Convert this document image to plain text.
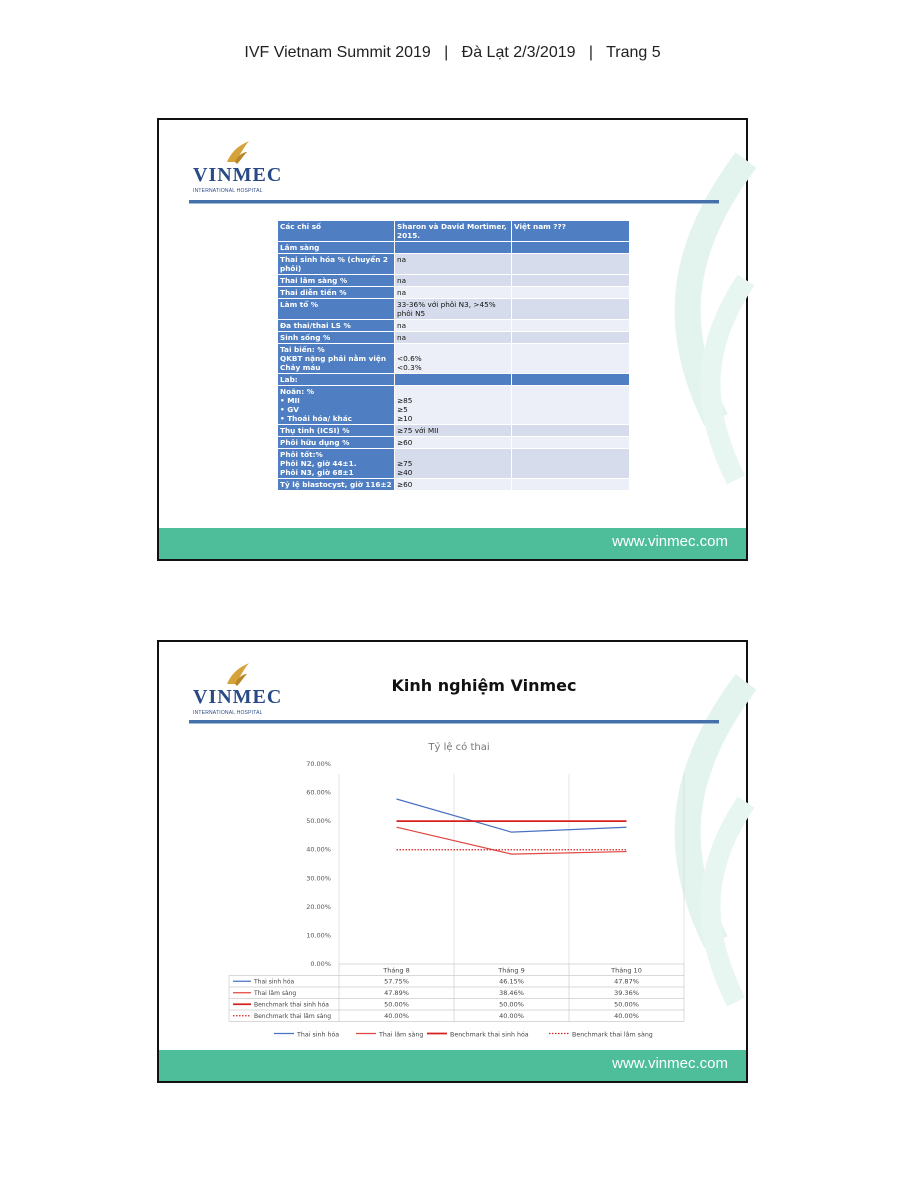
IVF Vietnam Summit 2019   |   Đà Lạt 2/3/2019   |   Trang 5
VINMEC
INTERNATIONAL HOSPITAL
Các chỉ số	Sharon và David Mortimer, 2015.	Việt nam ???

Lâm sàng		

Thai sinh hóa % (chuyển 2
phôi)	na	

Thai lâm sàng %	na	

Thai diễn tiến %	na	

Làm tổ %	33-36% với phôi N3, >45%
phôi N5	

Đa thai/thai LS %	na	

Sinh sống %	na	

Tai biến: %
QKBT nặng phải nằm viện
Chảy máu	<0.6%
<0.3%	

Lab:		

Noãn: %
• MII
• GV
• Thoái hóa/ khác	≥85
≥5
≥10	

Thụ tinh (ICSI) %	≥75 với MII	

Phôi hữu dụng %	≥60	

Phôi tốt:%
Phôi N2, giờ 44±1.
Phôi N3, giờ 68±1	≥75
≥40	

Tỷ lệ blastocyst, giờ 116±2	≥60	

www.vinmec.com
VINMEC
INTERNATIONAL HOSPITAL
Kinh nghiệm Vinmec
Tỷ lệ có thai
0.00%
10.00%
20.00%
30.00%
40.00%
50.00%
60.00%
70.00%
Tháng 8	Tháng 9	Tháng 10
Thai sinh hóa	57.75%	46.15%	47.87%
Thai lâm sàng	47.89%	38.46%	39.36%
Benchmark thai sinh hóa	50.00%	50.00%	50.00%
Benchmark thai lâm sàng	40.00%	40.00%	40.00%
Thai sinh hóa	Thai lâm sàng	Benchmark thai sinh hóa	Benchmark thai lâm sàng
www.vinmec.com
